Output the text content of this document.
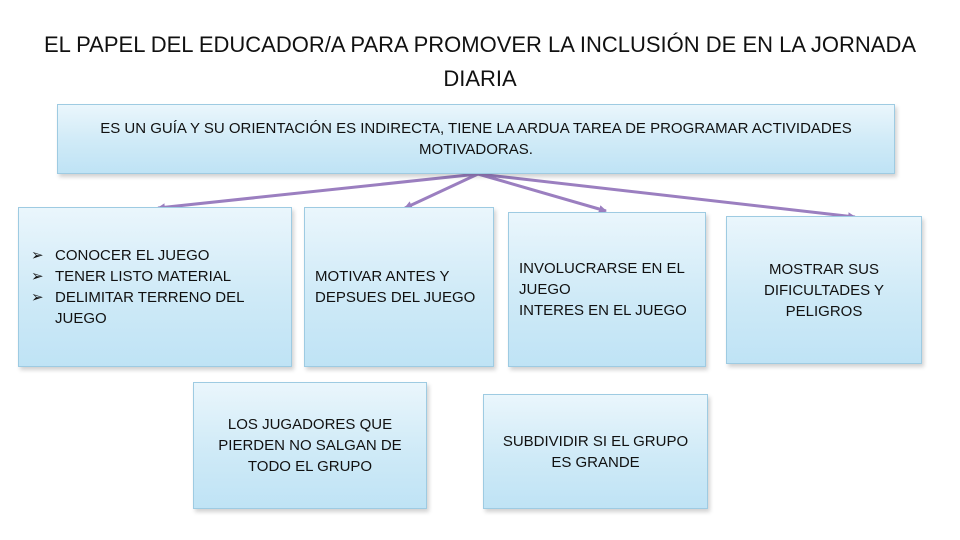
EL PAPEL DEL EDUCADOR/A PARA PROMOVER LA INCLUSIÓN DE EN LA JORNADA DIARIA
ES UN GUÍA Y SU ORIENTACIÓN ES INDIRECTA, TIENE LA ARDUA TAREA DE PROGRAMAR ACTIVIDADES MOTIVADORAS.
➢ CONOCER EL JUEGO
➢ TENER LISTO MATERIAL
➢ DELIMITAR TERRENO DEL JUEGO
MOTIVAR ANTES Y DEPSUES DEL JUEGO
INVOLUCRARSE EN EL JUEGO
INTERES EN EL JUEGO
MOSTRAR SUS DIFICULTADES Y PELIGROS
LOS JUGADORES QUE PIERDEN NO SALGAN DE TODO EL GRUPO
SUBDIVIDIR SI EL GRUPO ES GRANDE
